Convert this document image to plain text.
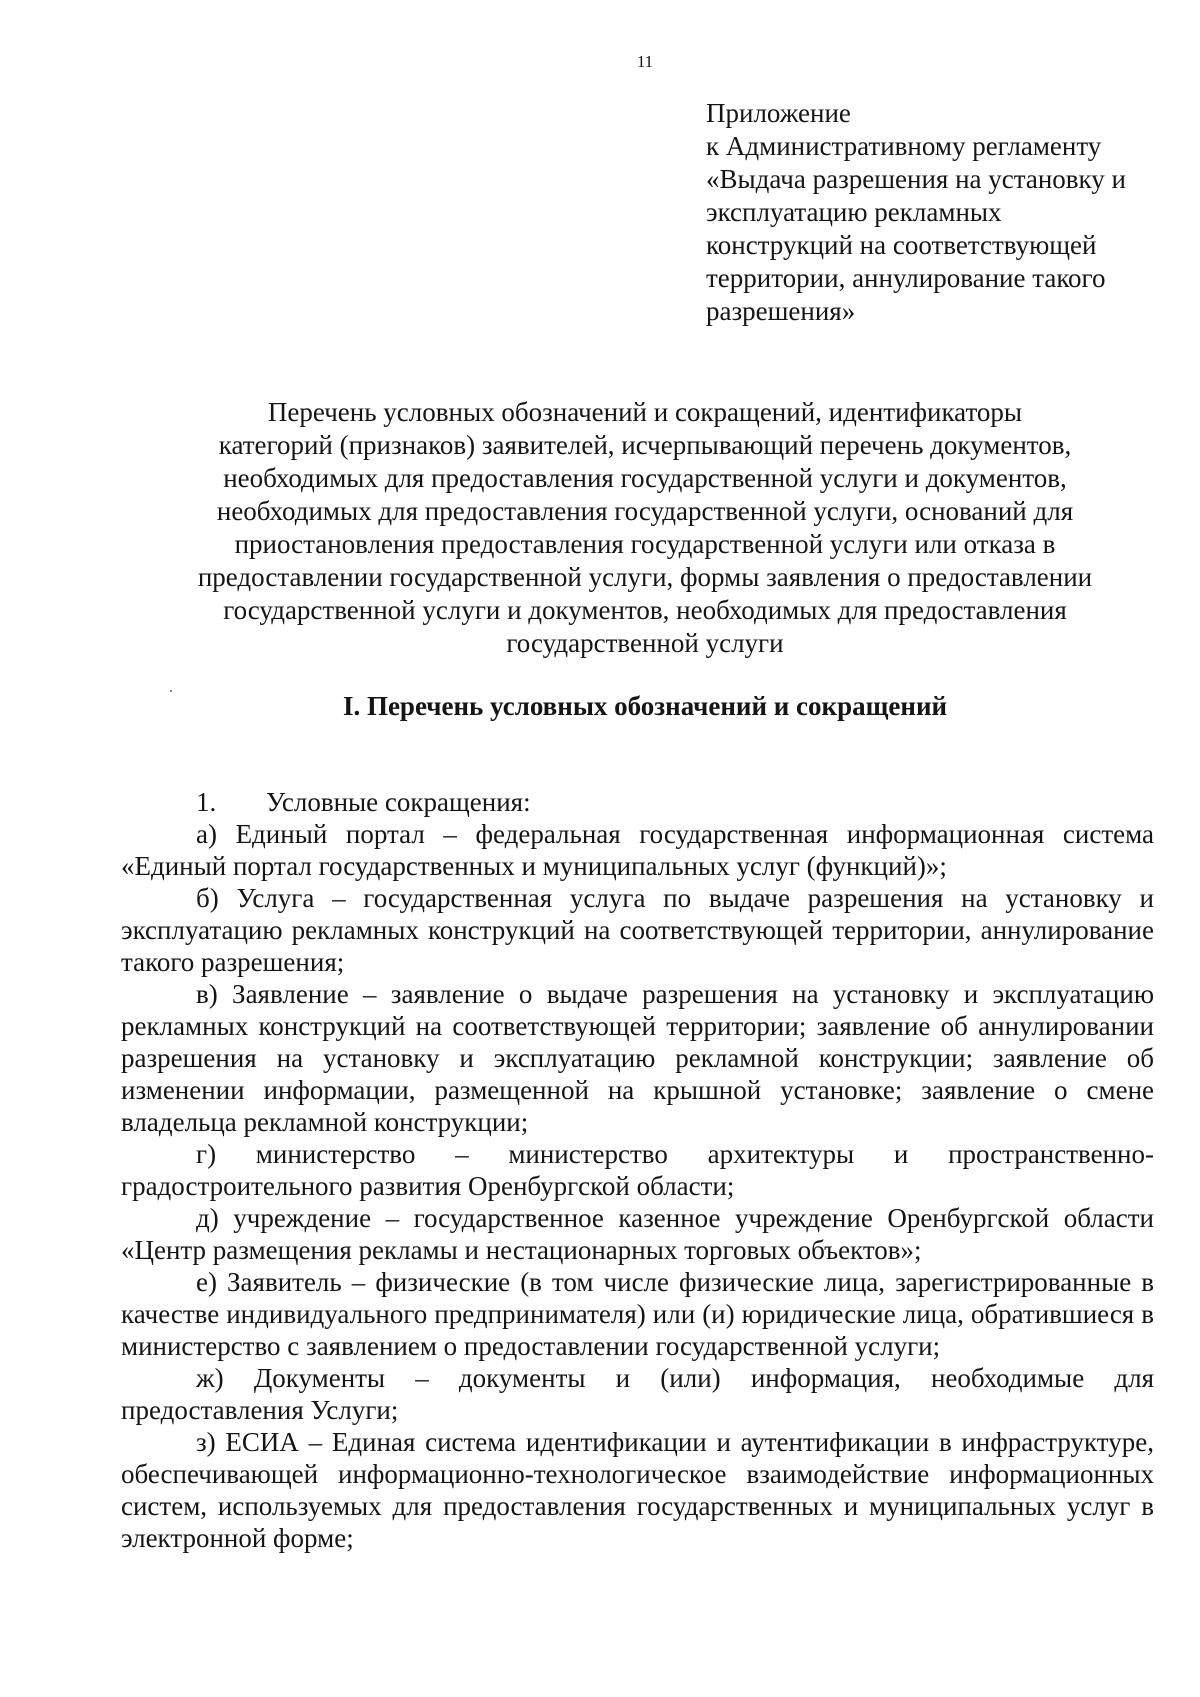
11
Приложение
к Административному регламенту
«Выдача разрешения на установку и
эксплуатацию рекламных
конструкций на соответствующей
территории, аннулирование такого
разрешения»
Перечень условных обозначений и сокращений, идентификаторы
категорий (признаков) заявителей, исчерпывающий перечень документов,
необходимых для предоставления государственной услуги и документов,
необходимых для предоставления государственной услуги, оснований для
приостановления предоставления государственной услуги или отказа в
предоставлении государственной услуги, формы заявления о предоставлении
государственной услуги и документов, необходимых для предоставления
государственной услуги
I. Перечень условных обозначений и сокращений
1. Условные сокращения:

а) Единый портал – федеральная государственная информационная система «Единый портал государственных и муниципальных услуг (функций)»;

б) Услуга – государственная услуга по выдаче разрешения на установку и эксплуатацию рекламных конструкций на соответствующей территории, аннулирование такого разрешения;

в) Заявление – заявление о выдаче разрешения на установку и эксплуатацию рекламных конструкций на соответствующей территории; заявление об аннулировании разрешения на установку и эксплуатацию рекламной конструкции; заявление об изменении информации, размещенной на крышной установке; заявление о смене владельца рекламной конструкции;

г) министерство – министерство архитектуры и пространственно-градостроительного развития Оренбургской области;

д) учреждение – государственное казенное учреждение Оренбургской области «Центр размещения рекламы и нестационарных торговых объектов»;

е) Заявитель – физические (в том числе физические лица, зарегистрированные в качестве индивидуального предпринимателя) или (и) юридические лица, обратившиеся в министерство с заявлением о предоставлении государственной услуги;

ж) Документы – документы и (или) информация, необходимые для предоставления Услуги;

з) ЕСИА – Единая система идентификации и аутентификации в инфраструктуре, обеспечивающей информационно-технологическое взаимодействие информационных систем, используемых для предоставления государственных и муниципальных услуг в электронной форме;
